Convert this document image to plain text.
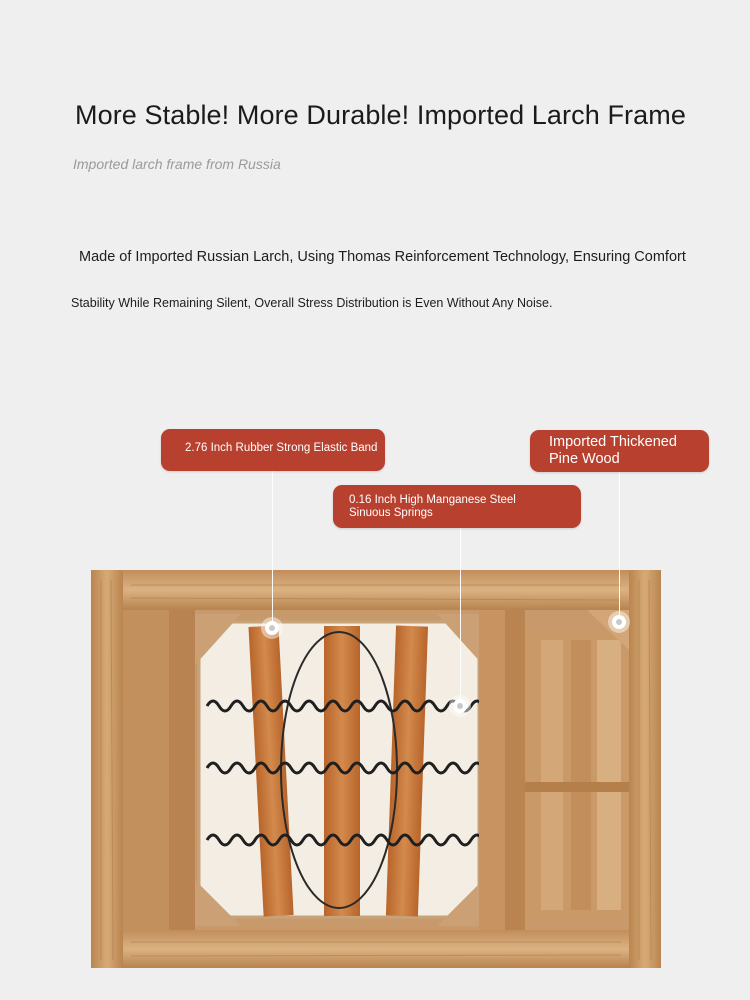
More Stable! More Durable! Imported Larch Frame
Imported larch frame from Russia
Made of Imported Russian Larch, Using Thomas Reinforcement Technology, Ensuring Comfort
Stability While Remaining Silent, Overall Stress Distribution is Even Without Any Noise.
2.76 Inch Rubber Strong Elastic Band
0.16 Inch High Manganese Steel
Sinuous Springs
Imported Thickened
Pine Wood
